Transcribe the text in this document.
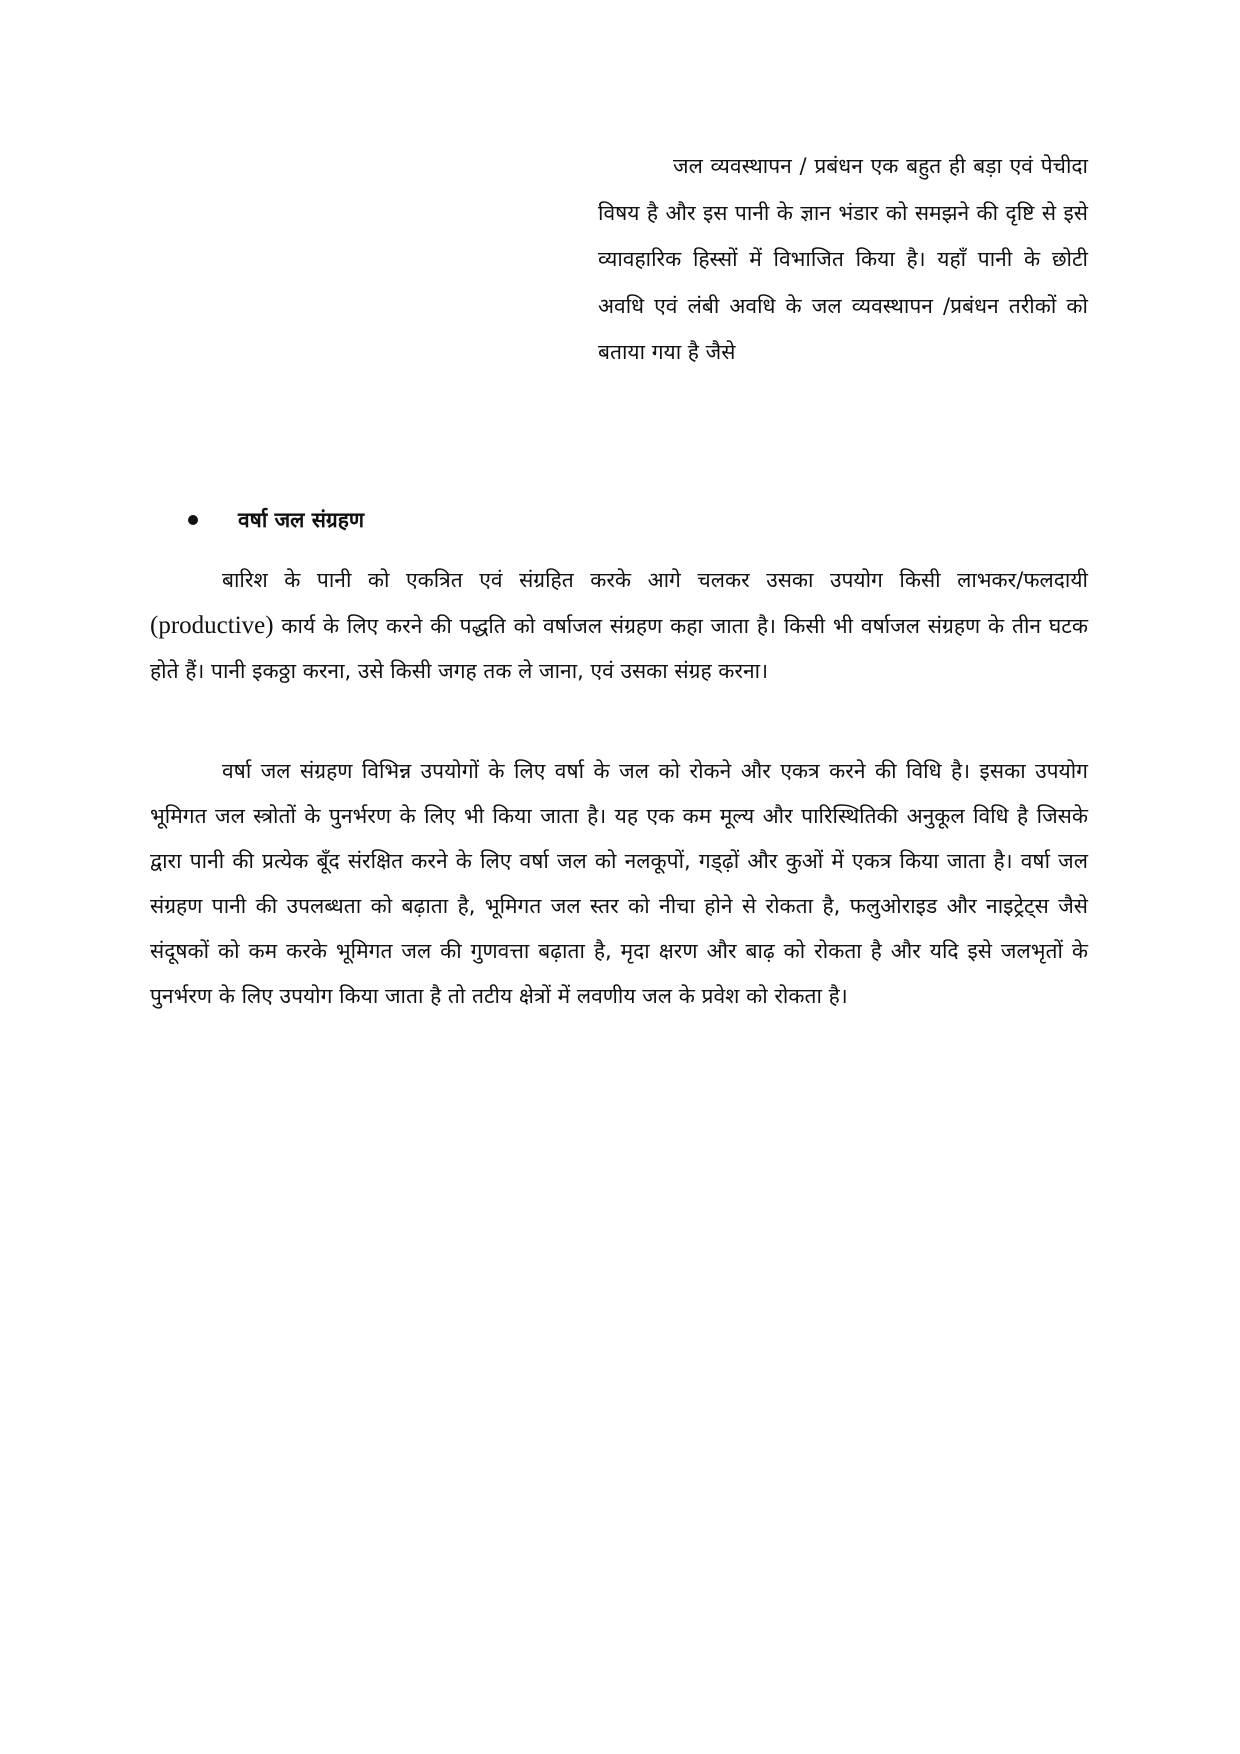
जल व्यवस्थापन / प्रबंधन एक बहुत ही बड़ा एवं पेचीदा विषय है और इस पानी के ज्ञान भंडार को समझने की दृष्टि से इसे व्यावहारिक हिस्सों में विभाजित किया है। यहाँ पानी के छोटी अवधि एवं लंबी अवधि के जल व्यवस्थापन /प्रबंधन तरीकों को बताया गया है जैसे

वर्षा जल संग्रहण

बारिश के पानी को एकत्रित एवं संग्रहित करके आगे चलकर उसका उपयोग किसी लाभकर/फलदायी (productive) कार्य के लिए करने की पद्धति को वर्षाजल संग्रहण कहा जाता है। किसी भी वर्षाजल संग्रहण के तीन घटक होते हैं। पानी इकठ्ठा करना, उसे किसी जगह तक ले जाना, एवं उसका संग्रह करना।

वर्षा जल संग्रहण विभिन्न उपयोगों के लिए वर्षा के जल को रोकने और एकत्र करने की विधि है। इसका उपयोग भूमिगत जल स्त्रोतों के पुनर्भरण के लिए भी किया जाता है। यह एक कम मूल्य और पारिस्थितिकी अनुकूल विधि है जिसके द्वारा पानी की प्रत्येक बूँद संरक्षित करने के लिए वर्षा जल को नलकूपों, गड्ढ़ों और कुओं में एकत्र किया जाता है। वर्षा जल संग्रहण पानी की उपलब्धता को बढ़ाता है, भूमिगत जल स्तर को नीचा होने से रोकता है, फलुओराइड और नाइट्रेट्स जैसे संदूषकों को कम करके भूमिगत जल की गुणवत्ता बढ़ाता है, मृदा क्षरण और बाढ़ को रोकता है और यदि इसे जलभृतों के पुनर्भरण के लिए उपयोग किया जाता है तो तटीय क्षेत्रों में लवणीय जल के प्रवेश को रोकता है।
